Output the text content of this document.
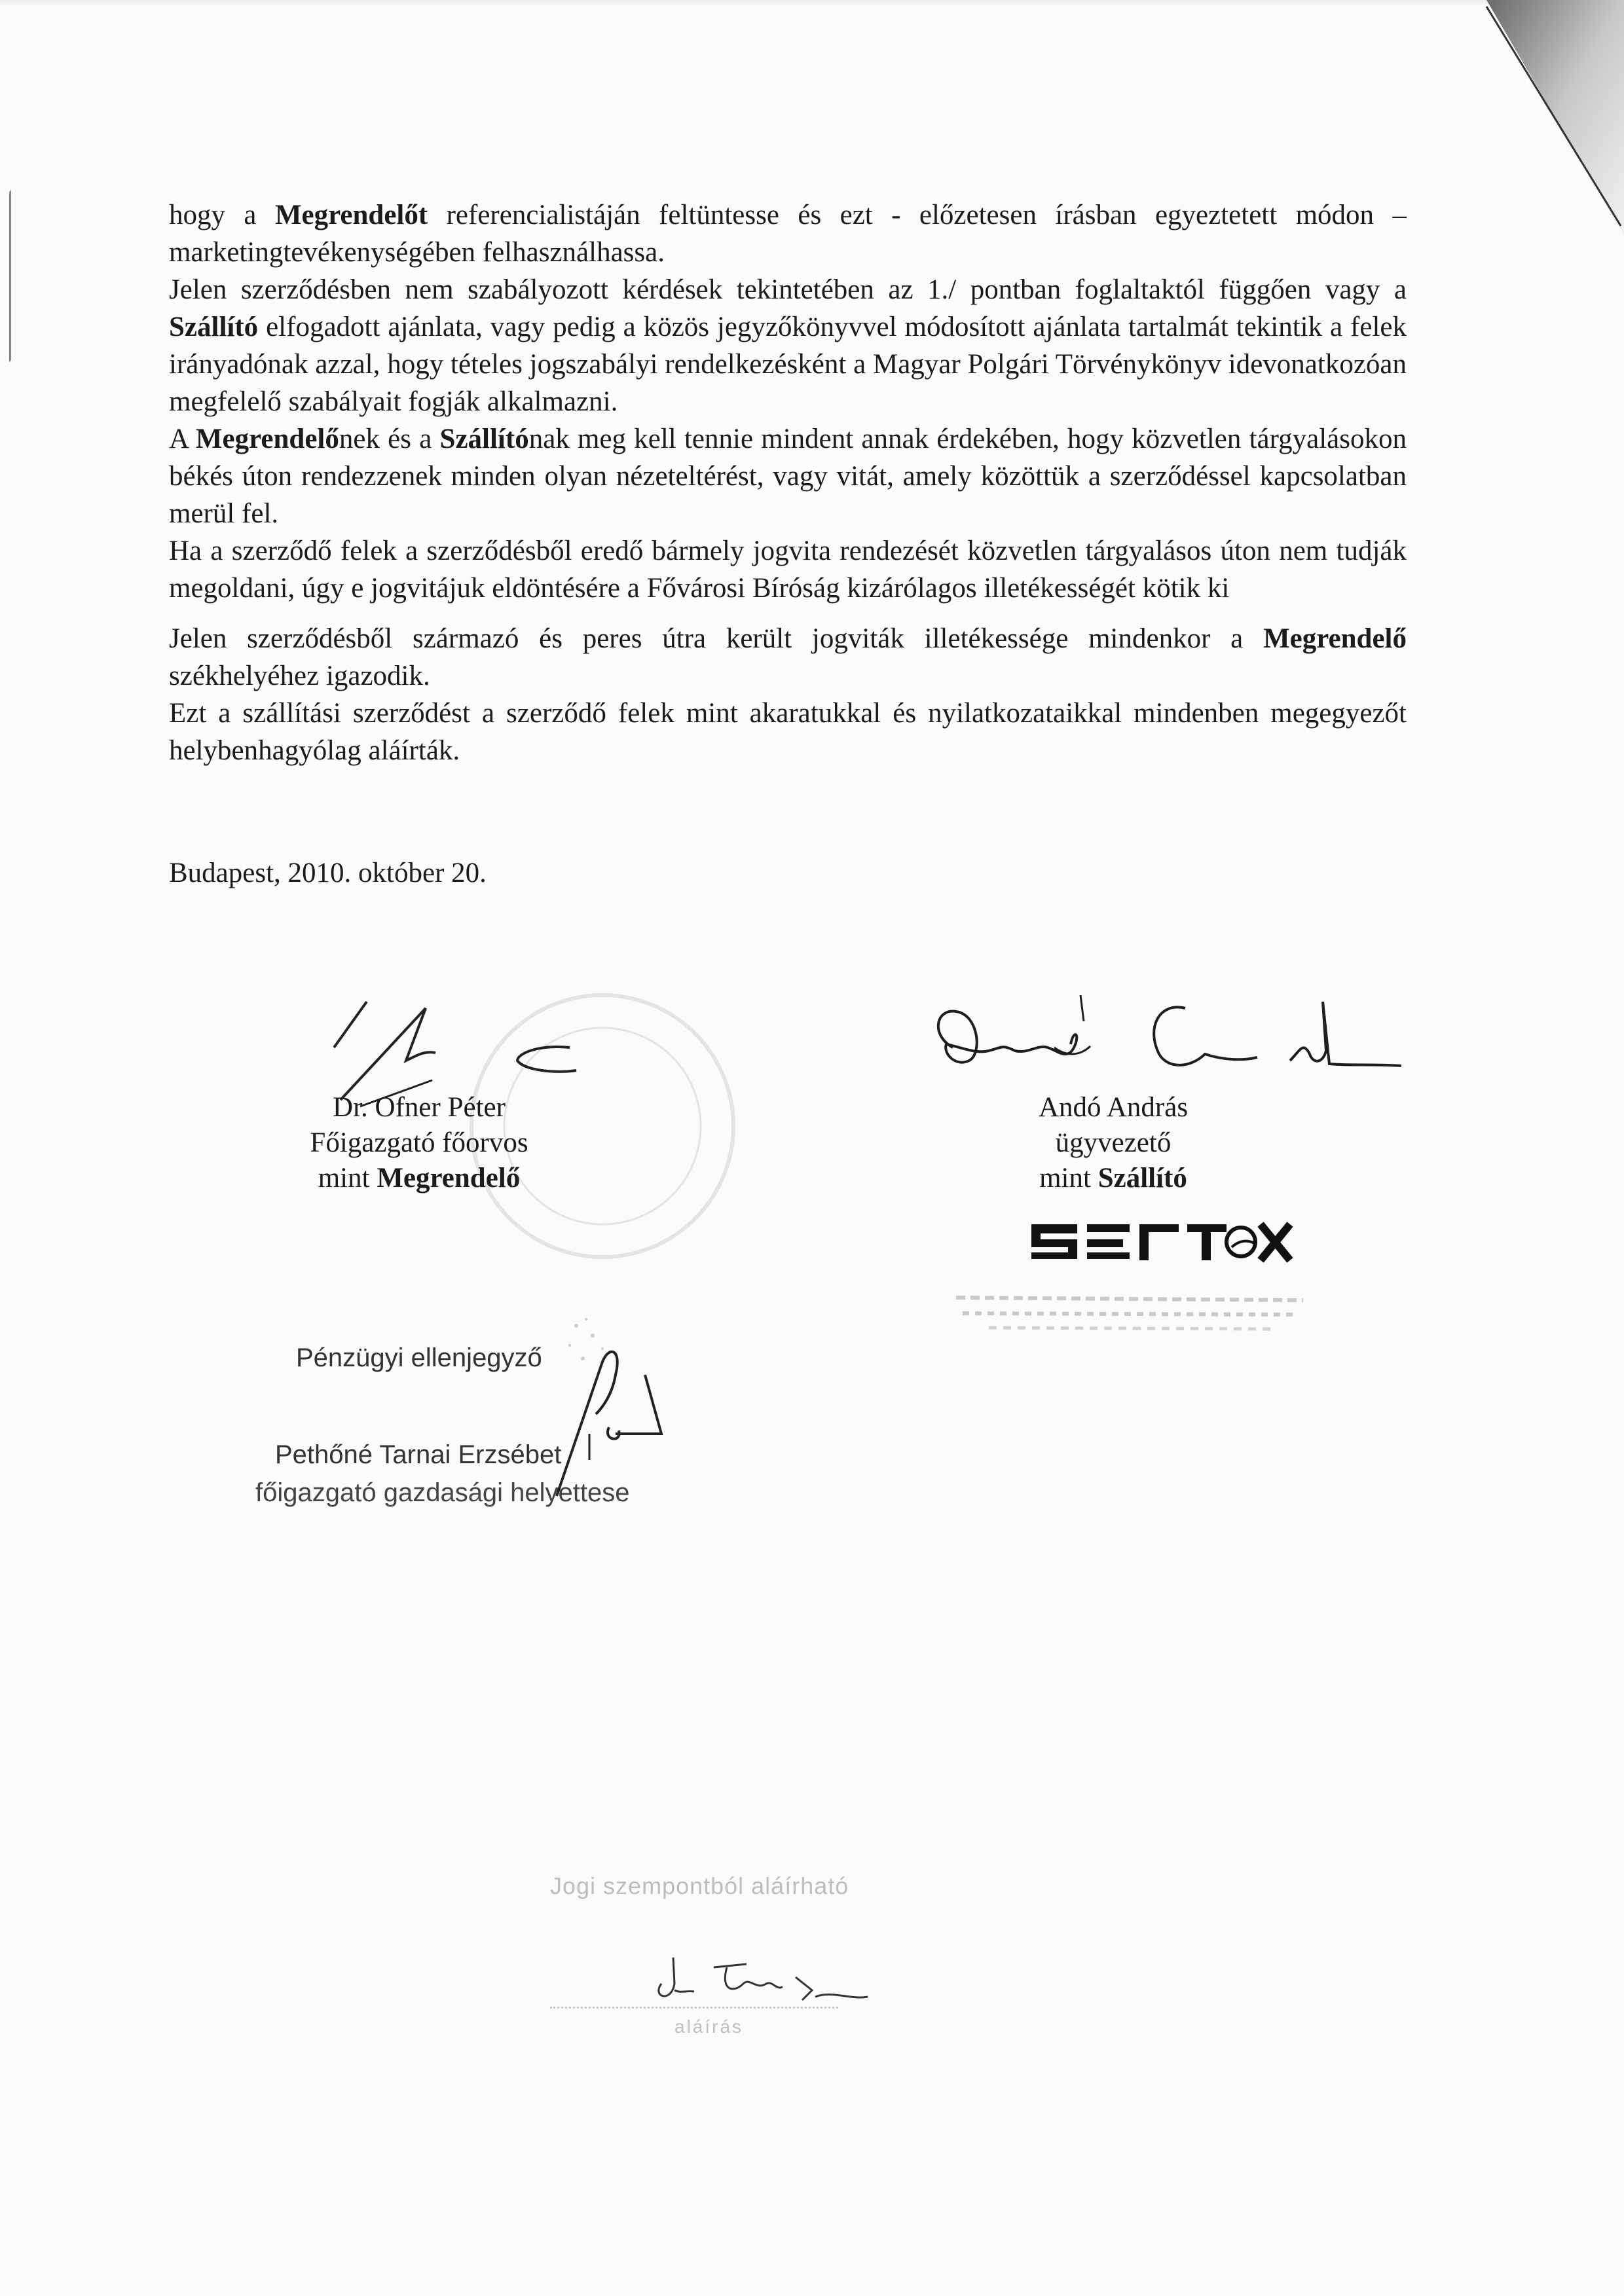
hogy a Megrendelőt referencialistáján feltüntesse és ezt - előzetesen írásban egyeztetett módon – marketingtevékenységében felhasználhassa.

Jelen szerződésben nem szabályozott kérdések tekintetében az 1./ pontban foglaltaktól függően vagy a Szállító elfogadott ajánlata, vagy pedig a közös jegyzőkönyvvel módosított ajánlata tartalmát tekintik a felek irányadónak azzal, hogy tételes jogszabályi rendelkezésként a Magyar Polgári Törvénykönyv idevonatkozóan megfelelő szabályait fogják alkalmazni.

A Megrendelőnek és a Szállítónak meg kell tennie mindent annak érdekében, hogy közvetlen tárgyalásokon békés úton rendezzenek minden olyan nézeteltérést, vagy vitát, amely közöttük a szerződéssel kapcsolatban merül fel.

Ha a szerződő felek a szerződésből eredő bármely jogvita rendezését közvetlen tárgyalásos úton nem tudják megoldani, úgy e jogvitájuk eldöntésére a Fővárosi Bíróság kizárólagos illetékességét kötik ki

Jelen szerződésből származó és peres útra került jogviták illetékessége mindenkor a Megrendelő székhelyéhez igazodik.

Ezt a szállítási szerződést a szerződő felek mint akaratukkal és nyilatkozataikkal mindenben megegyezőt helybenhagyólag aláírták.

Budapest, 2010. október 20.
Dr. Ofner Péter
Főigazgató főorvos
mint Megrendelő
Andó András
ügyvezető
mint Szállító
Pénzügyi ellenjegyző
Pethőné Tarnai Erzsébet
főigazgató gazdasági helyettese
Jogi szempontból aláírható
aláírás
